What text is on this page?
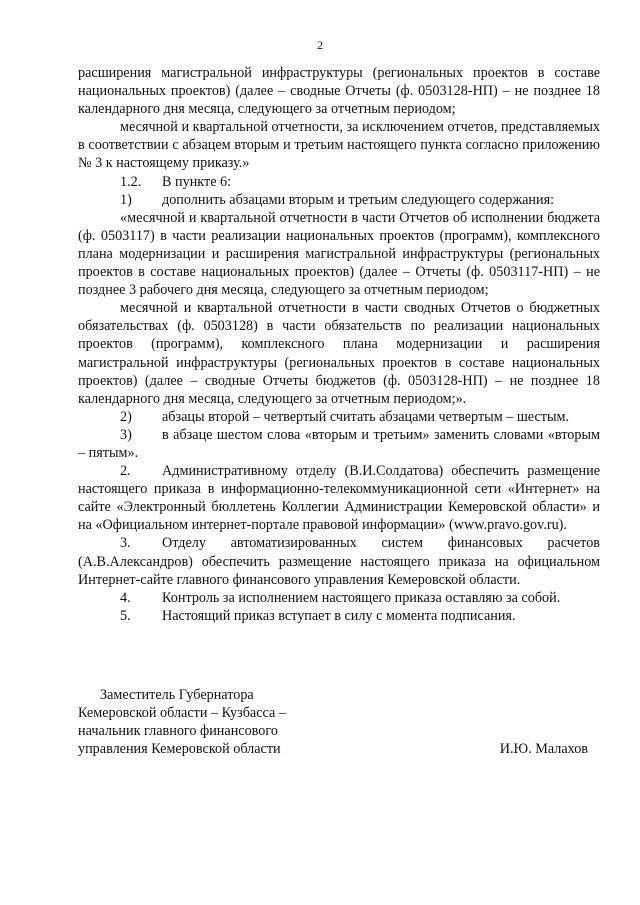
2

расширения магистральной инфраструктуры (региональных проектов в составе национальных проектов) (далее – сводные Отчеты (ф. 0503128-НП) – не позднее 18 календарного дня месяца, следующего за отчетным периодом;

месячной и квартальной отчетности, за исключением отчетов, представляемых в соответствии с абзацем вторым и третьим настоящего пункта согласно приложению № 3 к настоящему приказу.»

1.2. В пункте 6:

1) дополнить абзацами вторым и третьим следующего содержания:

«месячной и квартальной отчетности в части Отчетов об исполнении бюджета (ф. 0503117) в части реализации национальных проектов (программ), комплексного плана модернизации и расширения магистральной инфраструктуры (региональных проектов в составе национальных проектов) (далее – Отчеты (ф. 0503117-НП) – не позднее 3 рабочего дня месяца, следующего за отчетным периодом;

месячной и квартальной отчетности в части сводных Отчетов о бюджетных обязательствах (ф. 0503128) в части обязательств по реализации национальных проектов (программ), комплексного плана модернизации и расширения магистральной инфраструктуры (региональных проектов в составе национальных проектов) (далее – сводные Отчеты бюджетов (ф. 0503128-НП) – не позднее 18 календарного дня месяца, следующего за отчетным периодом;».

2) абзацы второй – четвертый считать абзацами четвертым – шестым.

3) в абзаце шестом слова «вторым и третьим» заменить словами «вторым – пятым».

2. Административному отделу (В.И.Солдатова) обеспечить размещение настоящего приказа в информационно-телекоммуникационной сети «Интернет» на сайте «Электронный бюллетень Коллегии Администрации Кемеровской области» и на «Официальном интернет-портале правовой информации» (www.pravo.gov.ru).

3. Отделу автоматизированных систем финансовых расчетов (А.В.Александров) обеспечить размещение настоящего приказа на официальном Интернет-сайте главного финансового управления Кемеровской области.

4. Контроль за исполнением настоящего приказа оставляю за собой.

5. Настоящий приказ вступает в силу с момента подписания.

Заместитель Губернатора
Кемеровской области – Кузбасса –
начальник главного финансового
управления Кемеровской области	И.Ю. Малахов
